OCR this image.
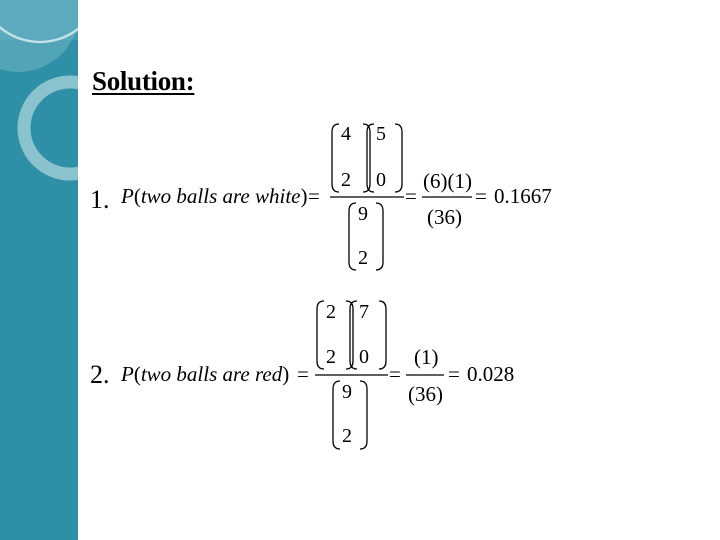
Solution:
1. P(two balls are white) =
4
2
5
0
9
2
=
(6)(1)
(36)
= 0.1667
2. P(two balls are red) =
2
2
7
0
9
2
=
(1)
(36)
= 0.028
